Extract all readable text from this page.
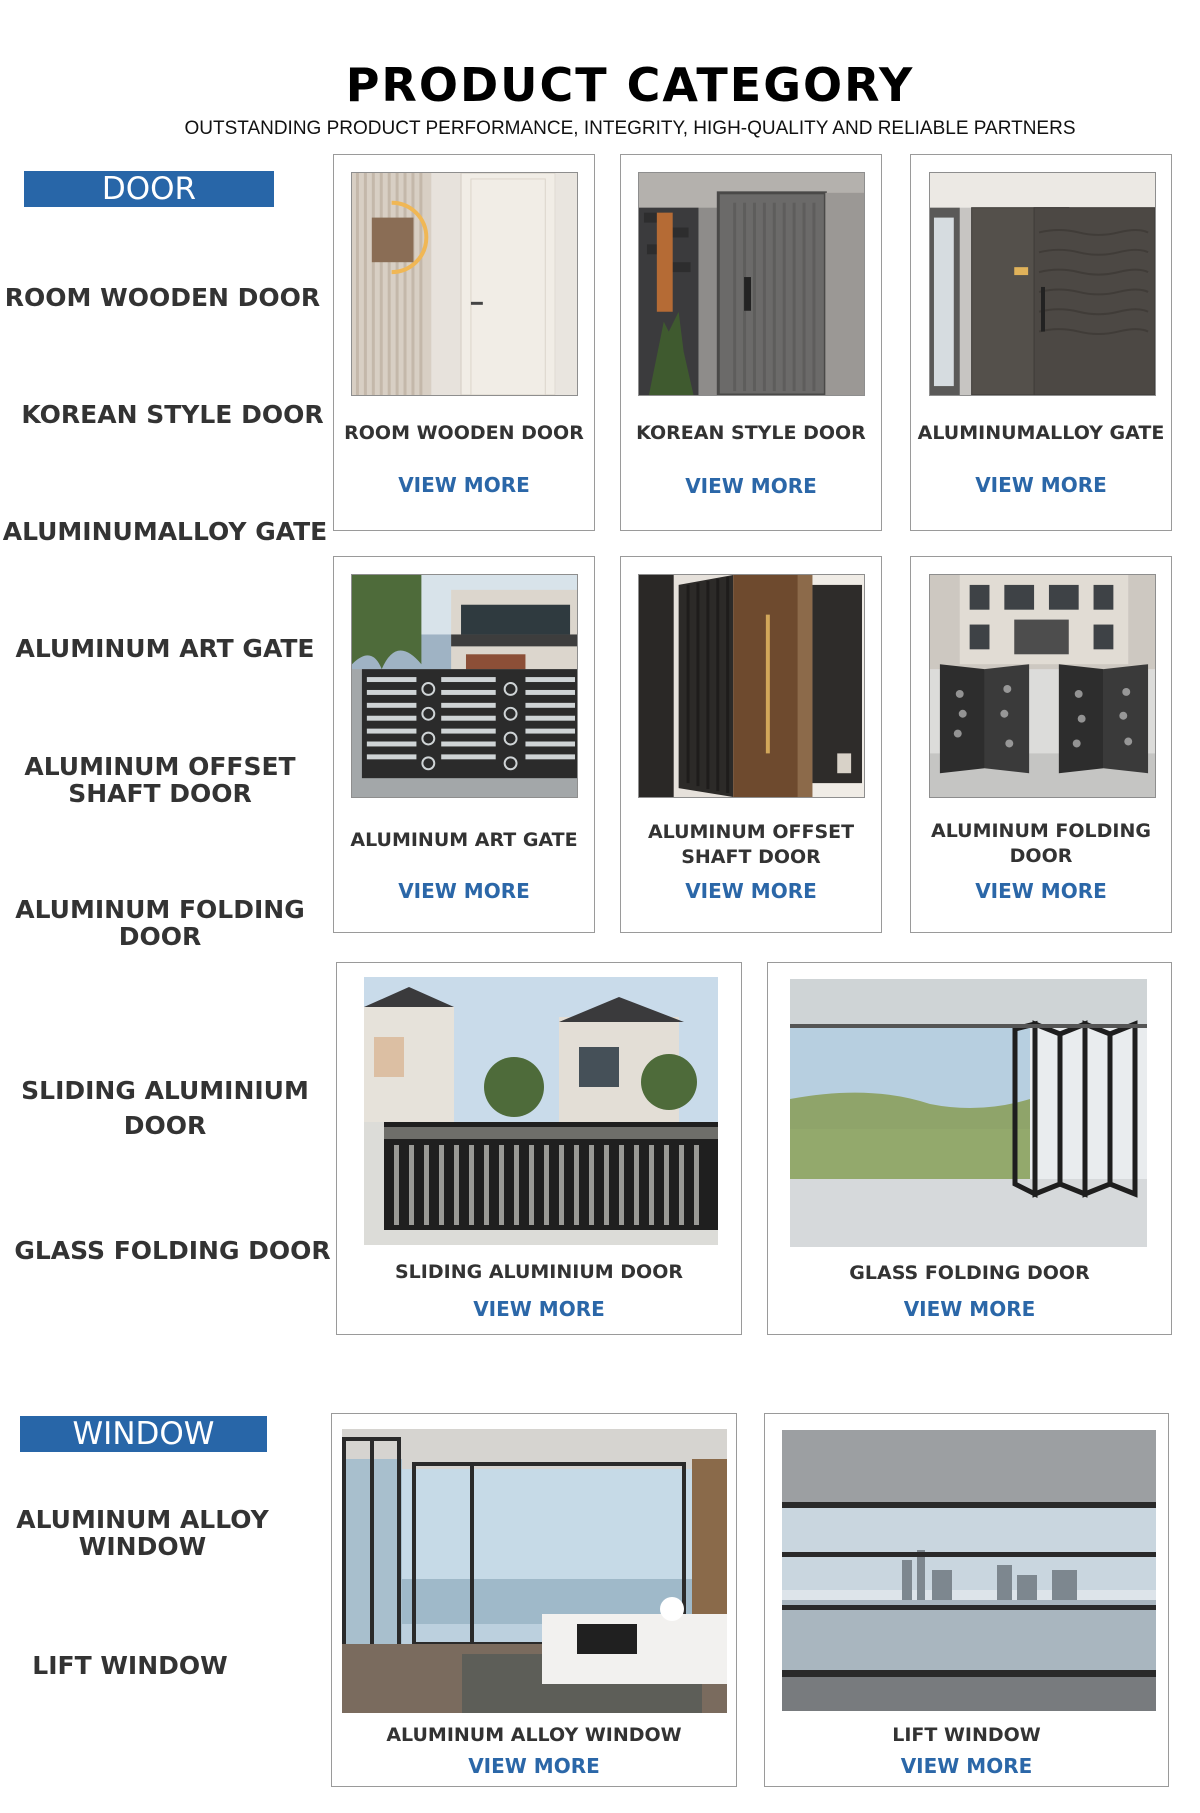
PRODUCT CATEGORY
OUTSTANDING PRODUCT PERFORMANCE, INTEGRITY, HIGH-QUALITY AND RELIABLE PARTNERS
DOOR
ROOM WOODEN DOOR
KOREAN STYLE DOOR
ALUMINUMALLOY GATE
ALUMINUM ART GATE
ALUMINUM OFFSET SHAFT DOOR
ALUMINUM FOLDING DOOR
SLIDING ALUMINIUM DOOR
GLASS FOLDING DOOR
WINDOW
ALUMINUM ALLOY WINDOW
LIFT WINDOW
ROOM WOODEN DOOR
VIEW MORE
KOREAN STYLE DOOR
VIEW MORE
ALUMINUMALLOY GATE
VIEW MORE
ALUMINUM ART GATE
VIEW MORE
ALUMINUM OFFSET SHAFT DOOR
VIEW MORE
ALUMINUM FOLDING DOOR
VIEW MORE
SLIDING ALUMINIUM DOOR
VIEW MORE
GLASS FOLDING DOOR
VIEW MORE
ALUMINUM ALLOY WINDOW
VIEW MORE
LIFT WINDOW
VIEW MORE
